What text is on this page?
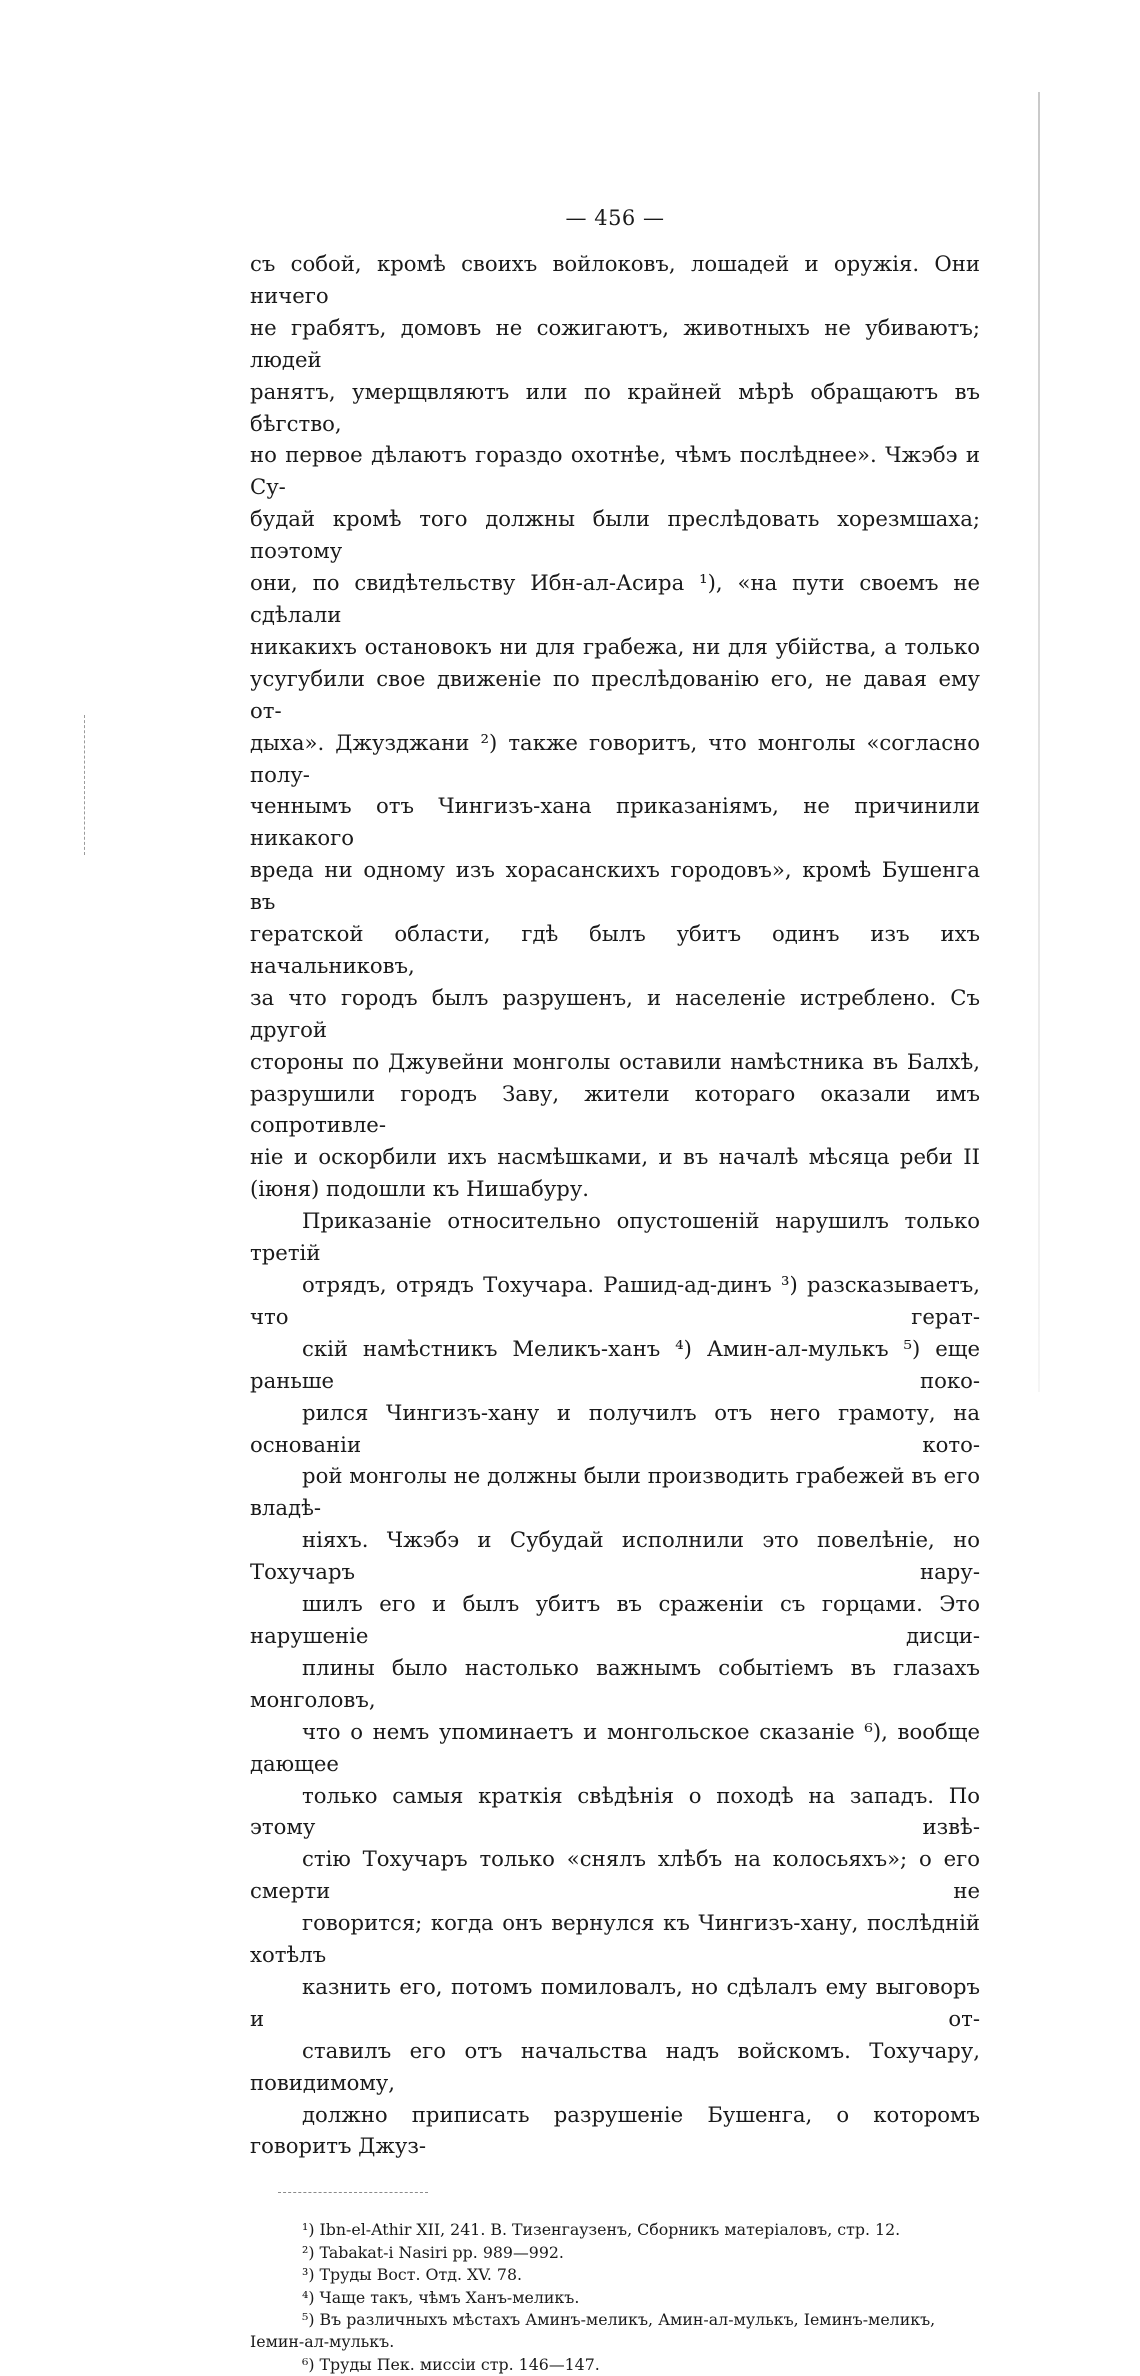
— 456 —

съ собой, кромѣ своихъ войлоковъ, лошадей и оружія. Они ничего
не грабятъ, домовъ не сожигаютъ, животныхъ не убиваютъ; людей
ранятъ, умерщвляютъ или по крайней мѣрѣ обращаютъ въ бѣгство,
но первое дѣлаютъ гораздо охотнѣе, чѣмъ послѣднее». Чжэбэ и Су-
будай кромѣ того должны были преслѣдовать хорезмшаха; поэтому
они, по свидѣтельству Ибн-ал-Асира ¹), «на пути своемъ не сдѣлали
никакихъ остановокъ ни для грабежа, ни для убійства, а только
усугубили свое движеніе по преслѣдованію его, не давая ему от-
дыха». Джузджани ²) также говоритъ, что монголы «согласно полу-
ченнымъ отъ Чингизъ-хана приказаніямъ, не причинили никакого
вреда ни одному изъ хорасанскихъ городовъ», кромѣ Бушенга въ
гератской области, гдѣ былъ убитъ одинъ изъ ихъ начальниковъ,
за что городъ былъ разрушенъ, и населеніе истреблено. Съ другой
стороны по Джувейни монголы оставили намѣстника въ Балхѣ,
разрушили городъ Заву, жители котораго оказали имъ сопротивле-
ніе и оскорбили ихъ насмѣшками, и въ началѣ мѣсяца реби II
(іюня) подошли къ Нишабуру.

Приказаніе относительно опустошеній нарушилъ только третій
отрядъ, отрядъ Тохучара. Рашид-ад-динъ ³) разсказываетъ, что герат-
скій намѣстникъ Меликъ-ханъ ⁴) Амин-ал-мулькъ ⁵) еще раньше поко-
рился Чингизъ-хану и получилъ отъ него грамоту, на основаніи кото-
рой монголы не должны были производить грабежей въ его владѣ-
ніяхъ. Чжэбэ и Субудай исполнили это повелѣніе, но Тохучаръ нару-
шилъ его и былъ убитъ въ сраженіи съ горцами. Это нарушеніе дисци-
плины было настолько важнымъ событіемъ въ глазахъ монголовъ,
что о немъ упоминаетъ и монгольское сказаніе ⁶), вообще дающее
только самыя краткія свѣдѣнія о походѣ на западъ. По этому извѣ-
стію Тохучаръ только «снялъ хлѣбъ на колосьяхъ»; о его смерти не
говорится; когда онъ вернулся къ Чингизъ-хану, послѣдній хотѣлъ
казнить его, потомъ помиловалъ, но сдѣлалъ ему выговоръ и от-
ставилъ его отъ начальства надъ войскомъ. Тохучару, повидимому,
должно приписать разрушеніе Бушенга, о которомъ говоритъ Джуз-

¹) Ibn-el-Athir XII, 241. В. Тизенгаузенъ, Сборникъ матеріаловъ, стр. 12.
²) Tabakat-i Nasiri pp. 989—992.
³) Труды Вост. Отд. XV. 78.
⁴) Чаще такъ, чѣмъ Ханъ-меликъ.
⁵) Въ различныхъ мѣстахъ Аминъ-меликъ, Амин-ал-мулькъ, Іеминъ-меликъ,
Іемин-ал-мулькъ.
⁶) Труды Пек. миссіи стр. 146—147.
